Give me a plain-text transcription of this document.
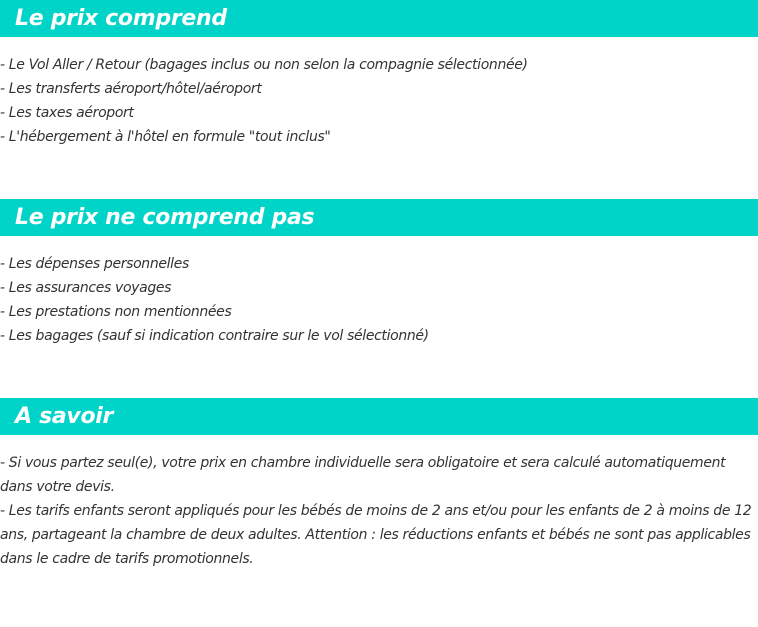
Le prix comprend
- Le Vol Aller / Retour (bagages inclus ou non selon la compagnie sélectionnée)
- Les transferts aéroport/hôtel/aéroport
- Les taxes aéroport
- L'hébergement à l'hôtel en formule "tout inclus"
Le prix ne comprend pas
- Les dépenses personnelles
- Les assurances voyages
- Les prestations non mentionnées
- Les bagages (sauf si indication contraire sur le vol sélectionné)
A savoir
- Si vous partez seul(e), votre prix en chambre individuelle sera obligatoire et sera calculé automatiquement dans votre devis.
- Les tarifs enfants seront appliqués pour les bébés de moins de 2 ans et/ou pour les enfants de 2 à moins de 12 ans, partageant la chambre de deux adultes. Attention : les réductions enfants et bébés ne sont pas applicables dans le cadre de tarifs promotionnels.
